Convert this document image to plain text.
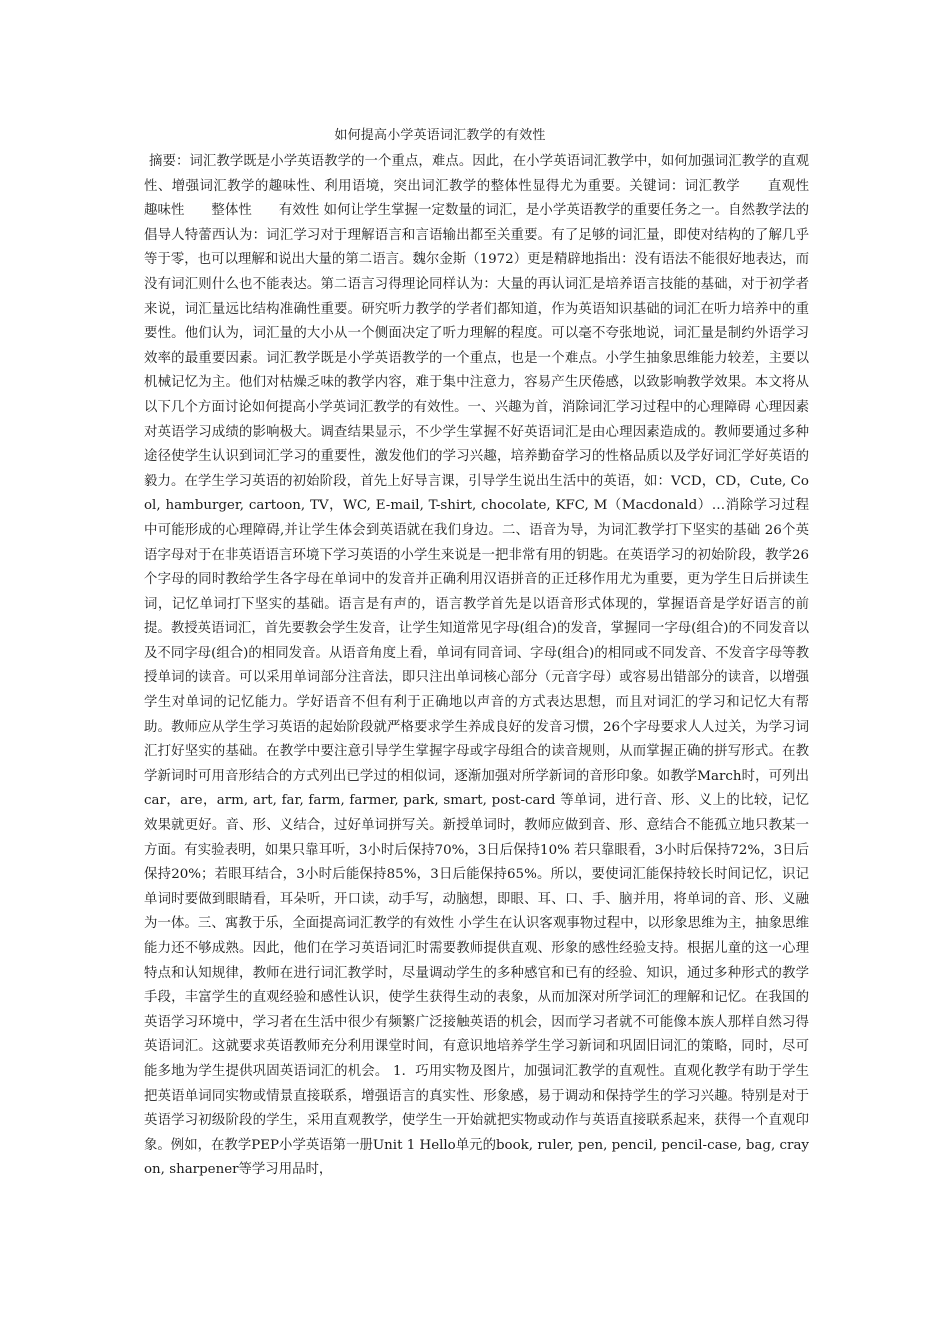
如何提高小学英语词汇教学的有效性

摘要：词汇教学既是小学英语教学的一个重点，难点。因此，在小学英语词汇教学中，如何加强词汇教学的直观性、增强词汇教学的趣味性、利用语境，突出词汇教学的整体性显得尤为重要。关键词：词汇教学　　直观性　　趣味性　　整体性　　有效性 如何让学生掌握一定数量的词汇，是小学英语教学的重要任务之一。自然教学法的倡导人特蕾西认为：词汇学习对于理解语言和言语输出都至关重要。有了足够的词汇量，即使对结构的了解几乎等于零，也可以理解和说出大量的第二语言。魏尔金斯（1972）更是精辟地指出：没有语法不能很好地表达，而没有词汇则什么也不能表达。第二语言习得理论同样认为：大量的再认词汇是培养语言技能的基础，对于初学者来说，词汇量远比结构准确性重要。研究听力教学的学者们都知道，作为英语知识基础的词汇在听力培养中的重要性。他们认为，词汇量的大小从一个侧面决定了听力理解的程度。可以毫不夸张地说，词汇量是制约外语学习效率的最重要因素。词汇教学既是小学英语教学的一个重点，也是一个难点。小学生抽象思维能力较差，主要以机械记忆为主。他们对枯燥乏味的教学内容，难于集中注意力，容易产生厌倦感，以致影响教学效果。本文将从以下几个方面讨论如何提高小学英词汇教学的有效性。一、兴趣为首，消除词汇学习过程中的心理障碍 心理因素对英语学习成绩的影响极大。调查结果显示，不少学生掌握不好英语词汇是由心理因素造成的。教师要通过多种途径使学生认识到词汇学习的重要性，激发他们的学习兴趣，培养勤奋学习的性格品质以及学好词汇学好英语的毅力。在学生学习英语的初始阶段，首先上好导言课，引导学生说出生活中的英语，如：VCD，CD，Cute, Cool, hamburger, cartoon, TV，WC, E-mail, T-shirt, chocolate, KFC, M（Macdonald）…消除学习过程中可能形成的心理障碍,并让学生体会到英语就在我们身边。二、语音为导，为词汇教学打下坚实的基础 26个英语字母对于在非英语语言环境下学习英语的小学生来说是一把非常有用的钥匙。在英语学习的初始阶段，教学26个字母的同时教给学生各字母在单词中的发音并正确利用汉语拼音的正迁移作用尤为重要，更为学生日后拼读生词，记忆单词打下坚实的基础。语言是有声的，语言教学首先是以语音形式体现的，掌握语音是学好语言的前提。教授英语词汇，首先要教会学生发音，让学生知道常见字母(组合)的发音，掌握同一字母(组合)的不同发音以及不同字母(组合)的相同发音。从语音角度上看，单词有同音词、字母(组合)的相同或不同发音、不发音字母等教授单词的读音。可以采用单词部分注音法，即只注出单词核心部分（元音字母）或容易出错部分的读音，以增强学生对单词的记忆能力。学好语音不但有利于正确地以声音的方式表达思想，而且对词汇的学习和记忆大有帮助。教师应从学生学习英语的起始阶段就严格要求学生养成良好的发音习惯，26个字母要求人人过关，为学习词汇打好坚实的基础。在教学中要注意引导学生掌握字母或字母组合的读音规则，从而掌握正确的拼写形式。在教学新词时可用音形结合的方式列出已学过的相似词，逐渐加强对所学新词的音形印象。如教学March时，可列出car，are，arm, art, far, farm, farmer, park, smart, post-card 等单词，进行音、形、义上的比较，记忆效果就更好。音、形、义结合，过好单词拼写关。新授单词时，教师应做到音、形、意结合不能孤立地只教某一方面。有实验表明，如果只靠耳听，3小时后保持70%，3日后保持10% 若只靠眼看，3小时后保持72%，3日后保持20%；若眼耳结合，3小时后能保持85%，3日后能保持65%。所以，要使词汇能保持较长时间记忆，识记单词时要做到眼睛看，耳朵听，开口读，动手写，动脑想，即眼、耳、口、手、脑并用，将单词的音、形、义融为一体。三、寓教于乐，全面提高词汇教学的有效性 小学生在认识客观事物过程中，以形象思维为主，抽象思维能力还不够成熟。因此，他们在学习英语词汇时需要教师提供直观、形象的感性经验支持。根据儿童的这一心理特点和认知规律，教师在进行词汇教学时，尽量调动学生的多种感官和已有的经验、知识，通过多种形式的教学手段，丰富学生的直观经验和感性认识，使学生获得生动的表象，从而加深对所学词汇的理解和记忆。在我国的英语学习环境中，学习者在生活中很少有频繁广泛接触英语的机会，因而学习者就不可能像本族人那样自然习得英语词汇。这就要求英语教师充分利用课堂时间，有意识地培养学生学习新词和巩固旧词汇的策略，同时，尽可能多地为学生提供巩固英语词汇的机会。 1．巧用实物及图片，加强词汇教学的直观性。直观化教学有助于学生把英语单词同实物或情景直接联系，增强语言的真实性、形象感，易于调动和保持学生的学习兴趣。特别是对于英语学习初级阶段的学生，采用直观教学，使学生一开始就把实物或动作与英语直接联系起来，获得一个直观印象。例如，在教学PEP小学英语第一册Unit 1 Hello单元的book, ruler, pen, pencil, pencil-case, bag, crayon, sharpener等学习用品时，
